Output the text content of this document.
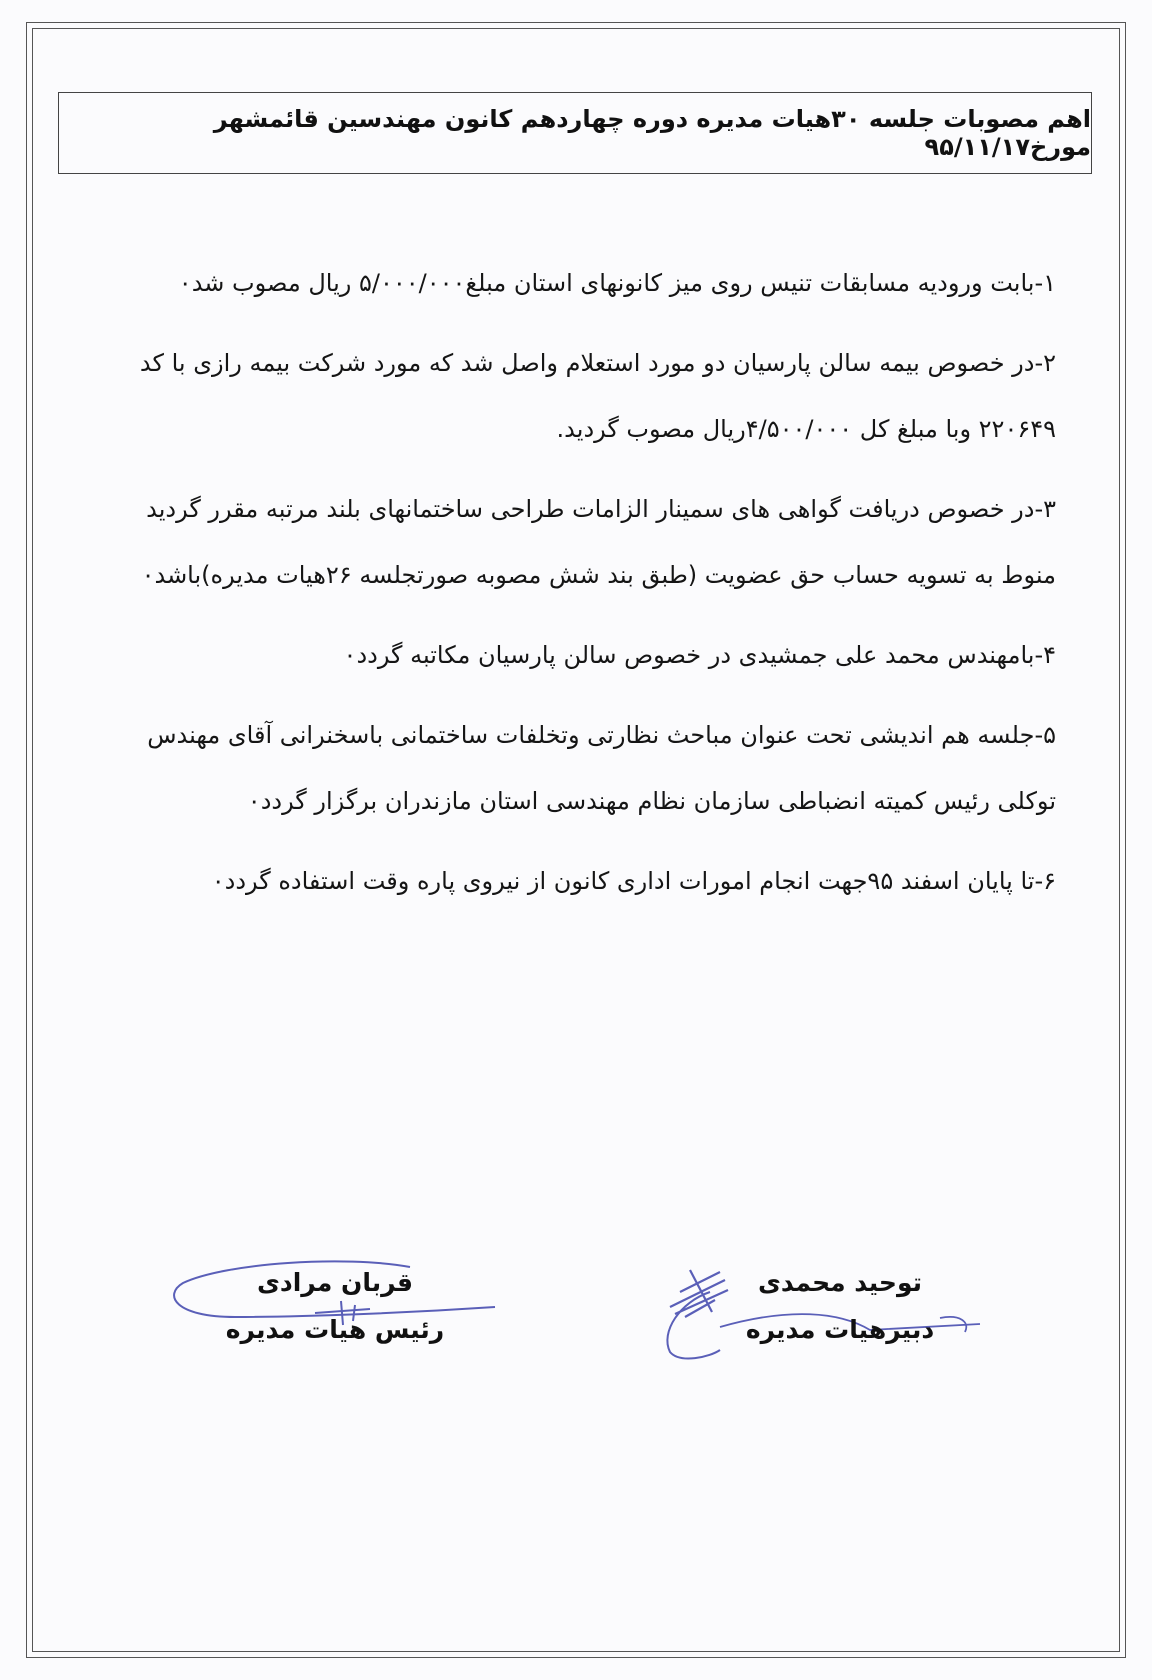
اهم مصوبات جلسه ۳۰هیات مدیره دوره چهاردهم کانون مهندسین قائمشهر مورخ۹۵/۱۱/۱۷

۱-بابت ورودیه مسابقات تنیس روی میز کانونهای استان مبلغ۵/۰۰۰/۰۰۰ ریال مصوب شد۰

۲-در خصوص بیمه سالن پارسیان دو مورد استعلام واصل شد که مورد شرکت بیمه رازی با کد ۲۲۰۶۴۹ وبا مبلغ کل ۴/۵۰۰/۰۰۰ریال مصوب گردید.

۳-در خصوص دریافت گواهی های سمینار الزامات طراحی ساختمانهای بلند مرتبه مقرر گردید منوط به تسویه حساب حق عضویت (طبق بند شش مصوبه صورتجلسه ۲۶هیات مدیره)باشد۰

۴-بامهندس محمد علی جمشیدی در خصوص سالن پارسیان مکاتبه گردد۰

۵-جلسه هم اندیشی تحت عنوان مباحث نظارتی وتخلفات ساختمانی باسخنرانی آقای مهندس توکلی رئیس کمیته انضباطی سازمان نظام مهندسی استان مازندران برگزار گردد۰

۶-تا پایان اسفند ۹۵جهت انجام امورات اداری کانون از نیروی پاره وقت استفاده گردد۰

قربان مرادی
رئیس هیات مدیره
توحید محمدی
دبیرهیات مدیره
